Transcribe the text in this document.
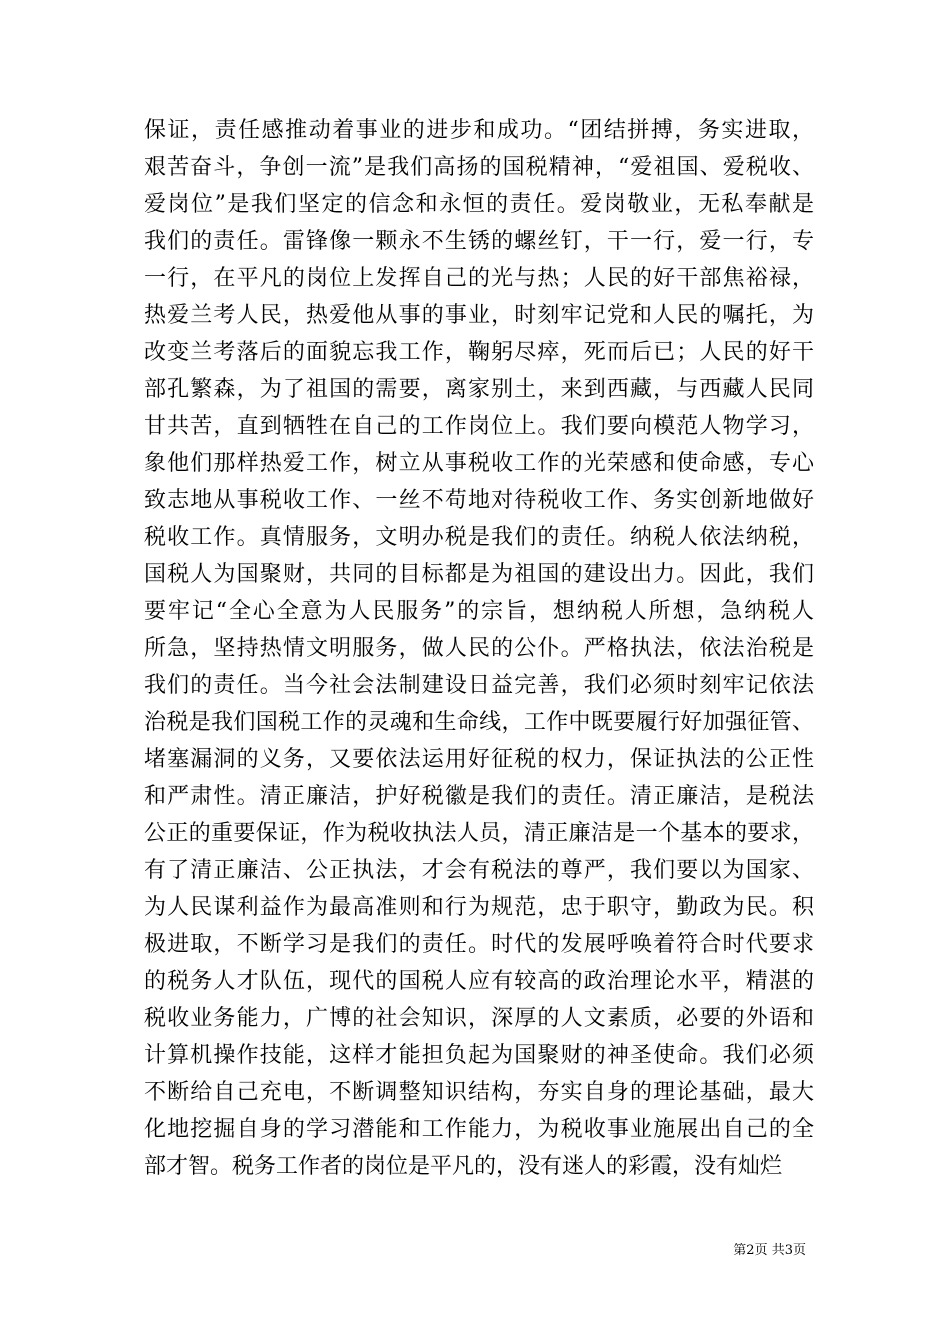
保证，责任感推动着事业的进步和成功。“团结拼搏，务实进取，
艰苦奋斗，争创一流”是我们高扬的国税精神，“爱祖国、爱税收、
爱岗位”是我们坚定的信念和永恒的责任。爱岗敬业，无私奉献是
我们的责任。雷锋像一颗永不生锈的螺丝钉，干一行，爱一行，专
一行，在平凡的岗位上发挥自己的光与热；人民的好干部焦裕禄，
热爱兰考人民，热爱他从事的事业，时刻牢记党和人民的嘱托，为
改变兰考落后的面貌忘我工作，鞠躬尽瘁，死而后已；人民的好干
部孔繁森，为了祖国的需要，离家别土，来到西藏，与西藏人民同
甘共苦，直到牺牲在自己的工作岗位上。我们要向模范人物学习，
象他们那样热爱工作，树立从事税收工作的光荣感和使命感，专心
致志地从事税收工作、一丝不苟地对待税收工作、务实创新地做好
税收工作。真情服务，文明办税是我们的责任。纳税人依法纳税，
国税人为国聚财，共同的目标都是为祖国的建设出力。因此，我们
要牢记“全心全意为人民服务”的宗旨，想纳税人所想，急纳税人
所急，坚持热情文明服务，做人民的公仆。严格执法，依法治税是
我们的责任。当今社会法制建设日益完善，我们必须时刻牢记依法
治税是我们国税工作的灵魂和生命线，工作中既要履行好加强征管、
堵塞漏洞的义务，又要依法运用好征税的权力，保证执法的公正性
和严肃性。清正廉洁，护好税徽是我们的责任。清正廉洁，是税法
公正的重要保证，作为税收执法人员，清正廉洁是一个基本的要求，
有了清正廉洁、公正执法，才会有税法的尊严，我们要以为国家、
为人民谋利益作为最高准则和行为规范，忠于职守，勤政为民。积
极进取，不断学习是我们的责任。时代的发展呼唤着符合时代要求
的税务人才队伍，现代的国税人应有较高的政治理论水平，精湛的
税收业务能力，广博的社会知识，深厚的人文素质，必要的外语和
计算机操作技能，这样才能担负起为国聚财的神圣使命。我们必须
不断给自己充电，不断调整知识结构，夯实自身的理论基础，最大
化地挖掘自身的学习潜能和工作能力，为税收事业施展出自己的全
部才智。税务工作者的岗位是平凡的，没有迷人的彩霞，没有灿烂
第2页 共3页
